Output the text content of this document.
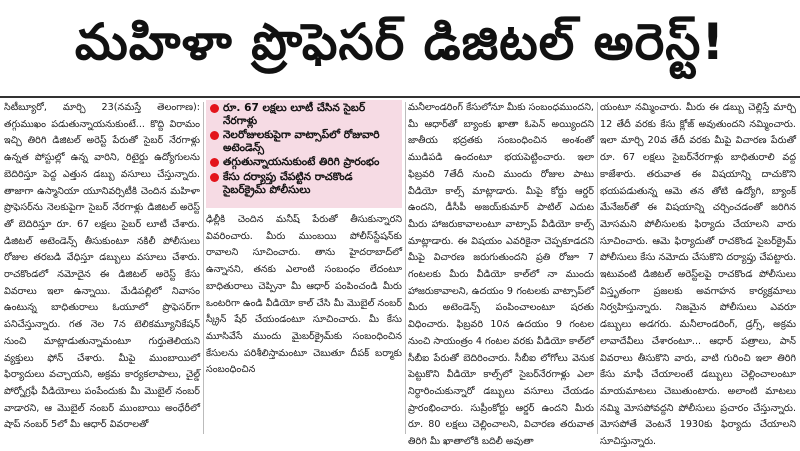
మహిళా ప్రొఫెసర్ డిజిటల్ అరెస్ట్!

సిటీబ్యూరో, మార్చి 23(నమస్తే తెలంగాణ): తగ్గుముఖం పడుతున్నాయనుకుంటే... కొద్ది విరామం ఇచ్చి తిరిగి డిజిటల్ అరెస్ట్ పేరుతో సైబర్ నేరగాళ్లు ఉన్నత పోస్టుల్లో ఉన్న వారిని, రిటైర్డు ఉద్యోగులను బెదిరిస్తూ పెద్ద ఎత్తున డబ్బు వసూలు చేస్తున్నారు. తాజాగా ఉస్మానియా యూనివర్సిటీకి చెందిన మహిళా ప్రొఫెసర్‌ను నెలకుపైగా సైబర్ నేరగాళ్లు డిజిటల్ అరెస్ట్ తో బెదిరిస్తూ రూ. 67 లక్షలు సైబర్ లూటీ చేశారు. డిజిటల్ అటెండెన్స్ తీసుకుంటూ నకిలీ పోలీసులు రోజుల తరబడి వేధిస్తూ డబ్బులు వసూలు చేశారు. రాచకొండలో నమోదైన ఈ డిజిటల్ అరెస్ట్ కేసు వివరాలు ఇలా ఉన్నాయి. మేడిపల్లిలో నివాసం ఉంటున్న బాధితురాలు ఓయూలో ప్రొఫెసర్‌గా పనిచేస్తున్నారు. గత నెల 7న టెలికమ్యూనికేషన్ నుంచి మాట్లాడుతున్నామంటూ గుర్తుతెలియని వ్యక్తులు ఫోన్ చేశారు. మీపై ముంబాయిలో ఫిర్యాదులు వచ్చాయని, అక్రమ కార్యకలాపాలు, చైల్డ్ పోర్నోగ్రఫీ వీడియోలు పంపేందుకు మీ మొబైల్ నంబర్ వాడారని, ఆ మొబైల్ నంబర్ ముంబాయి అంధేరీలో షాప్ నంబర్ 5లో మీ ఆధార్ వివరాలతో

రూ. 67 లక్షలు లూటీ చేసిన సైబర్ నేరగాళ్లు
నెలరోజులకుపైగా వాట్సాప్‌లో రోజువారి అటెండెన్స్
తగ్గుతున్నాయనుకుంటే తిరిగి ప్రారంభం
కేసు దర్యాప్తు చేపట్టిన రాచకొండ సైబర్‌క్రైమ్ పోలీసులు

ఢిల్లీకి చెందిన మనీష్ పేరుతో తీసుకున్నారని వివరించారు. మీరు ముంబయి పోలీస్‌స్టేషన్‌కు రావాలని సూచించారు. తాను హైదరాబాద్‌లో ఉన్నానని, తనకు ఎలాంటి సంబంధం లేదంటూ బాధితురాలు చెప్పినా మీ ఆధార్ పంపించండి మీరు ఒంటరిగా ఉండి వీడియో కాల్ చేసి మీ మొబైల్ నంబర్ స్క్రీన్ షేర్ చేయండంటూ సూచించారు. మీ కేసు మూసివేసే ముందు మైబర్‌క్రైమ్‌కు సంబంధించిన కేసులను పరిశీలిస్తామంటూ చెబుతూ దీపక్ బర్మాకు సంబంధించిన

మనీలాండరింగ్ కేసులోనూ మీకు సంబంధముందని, మీ ఆధార్‌తో బ్యాంకు ఖాతా ఓపెన్ అయ్యిందని జాతీయ భద్రతకు సంబంధించిన అంశంతో ముడిపడి ఉందంటూ భయపెట్టించారు. ఇలా ఫిబ్రవరి 7తేదీ నుంచి ముందు రోజుల పాటు వీడియో కాల్స్ మాట్లాడారు. మీపై కోర్టు ఆర్డర్ ఉందని, డీసీపీ అజయ్‌కుమార్ పాటిల్ ఎదుట మీరు హాజరుకావాలంటూ వాట్సాప్ వీడియో కాల్స్ మాట్లాడారు. ఈ విషయం ఎవరికైనా చెప్పకూడదని మీపై విచారణ జరుగుతుందని ప్రతి రోజూ 7 గంటలకు మీరు వీడియో కాల్‌లో నా ముందు హాజరుకావాలని, ఉదయం 9 గంటలకు వాట్సాప్‌లో మీరు అటెండెన్స్ పంపించాలంటూ షరతు విధించారు. ఫిబ్రవరి 10న ఉదయం 9 గంటల నుంచి సాయంత్రం 4 గంటల వరకు వీడియో కాల్‌లో సీబీఐ పేరుతో బెదిరించారు. సీబీఐ లోగోలు వెనుక పెట్టుకొని వీడియో కాల్స్‌లో సైబర్‌నేరగాళ్లు ఎలా నిర్ధారించుకున్నారో డబ్బులు వసూలు చేయడం ప్రారంభించారు. సుప్రీంకోర్టు ఆర్డర్ ఉందని మీరు రూ. 80 లక్షలు చెల్లించాలని, విచారణ తరువాత తిరిగి మీ ఖాతాలోకి బదిలీ అవుతా

యంటూ నమ్మించారు. మీరు ఈ డబ్బు చెల్లిస్తే మార్చి 12 తేదీ వరకు కేసు క్లోజ్ అవుతుందని నమ్మించారు. ఇలా మార్చి 20వ తేదీ వరకు మీపై విచారణ పేరుతో రూ. 67 లక్షలు సైబర్‌నేరగాళ్లు బాధితురాలి వద్ద కాజేశారు. తరువాత ఈ విషయాన్ని దాచుకొని భయపడుతున్న ఆమె తన తోటి ఉద్యోగి, బ్యాంక్ మేనేజర్‌తో ఈ విషయాన్ని చర్చించడంతో జరిగిన మోసమని పోలీసులకు ఫిర్యాదు చేయాలని వారు సూచించారు. ఆమె ఫిర్యాదుతో రాచకొండ సైబర్‌క్రైమ్ పోలీసులు కేసు నమోదు చేసుకొని దర్యాప్తు చేపట్టారు. ఇటువంటి డిజిటల్ అరెస్ట్‌లపై రాచకొండ పోలీసులు విస్తృతంగా ప్రజలకు అవగాహన కార్యక్రమాలు నిర్వహిస్తున్నారు. నిజమైన పోలీసులు ఎవరూ డబ్బులు అడగరు. మనీలాండరింగ్, డ్రగ్స్, అక్రమ లావాదేవీలు చేశారంటూ... ఆధార్ పత్రాలు, పాన్ వివరాలు తీసుకొని వారు, వాటి గురించి ఇలా తిరిగి కేసు మాఫీ చేయాలంటే డబ్బులు చెల్లించాలంటూ మాయమాటలు చెబుతుంటారు. అలాంటి మాటలు నమ్మి మోసపోవద్దని పోలీసులు ప్రచారం చేస్తున్నారు. మోసపోతే వెంటనే 1930కు ఫిర్యాదు చేయాలని సూచిస్తున్నారు.
